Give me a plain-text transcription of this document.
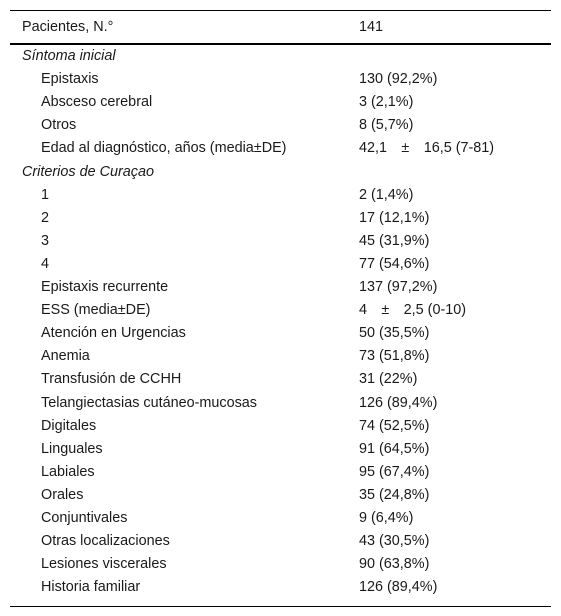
Pacientes, N.°	141
Síntoma inicial
Epistaxis	130 (92,2%)
Absceso cerebral	3 (2,1%)
Otros	8 (5,7%)
Edad al diagnóstico, años (media±DE)	42,1 ± 16,5 (7-81)
Criterios de Curaçao
1	2 (1,4%)
2	17 (12,1%)
3	45 (31,9%)
4	77 (54,6%)
Epistaxis recurrente	137 (97,2%)
ESS (media±DE)	4 ± 2,5 (0-10)
Atención en Urgencias	50 (35,5%)
Anemia	73 (51,8%)
Transfusión de CCHH	31 (22%)
Telangiectasias cutáneo-mucosas	126 (89,4%)
Digitales	74 (52,5%)
Linguales	91 (64,5%)
Labiales	95 (67,4%)
Orales	35 (24,8%)
Conjuntivales	9 (6,4%)
Otras localizaciones	43 (30,5%)
Lesiones viscerales	90 (63,8%)
Historia familiar	126 (89,4%)
